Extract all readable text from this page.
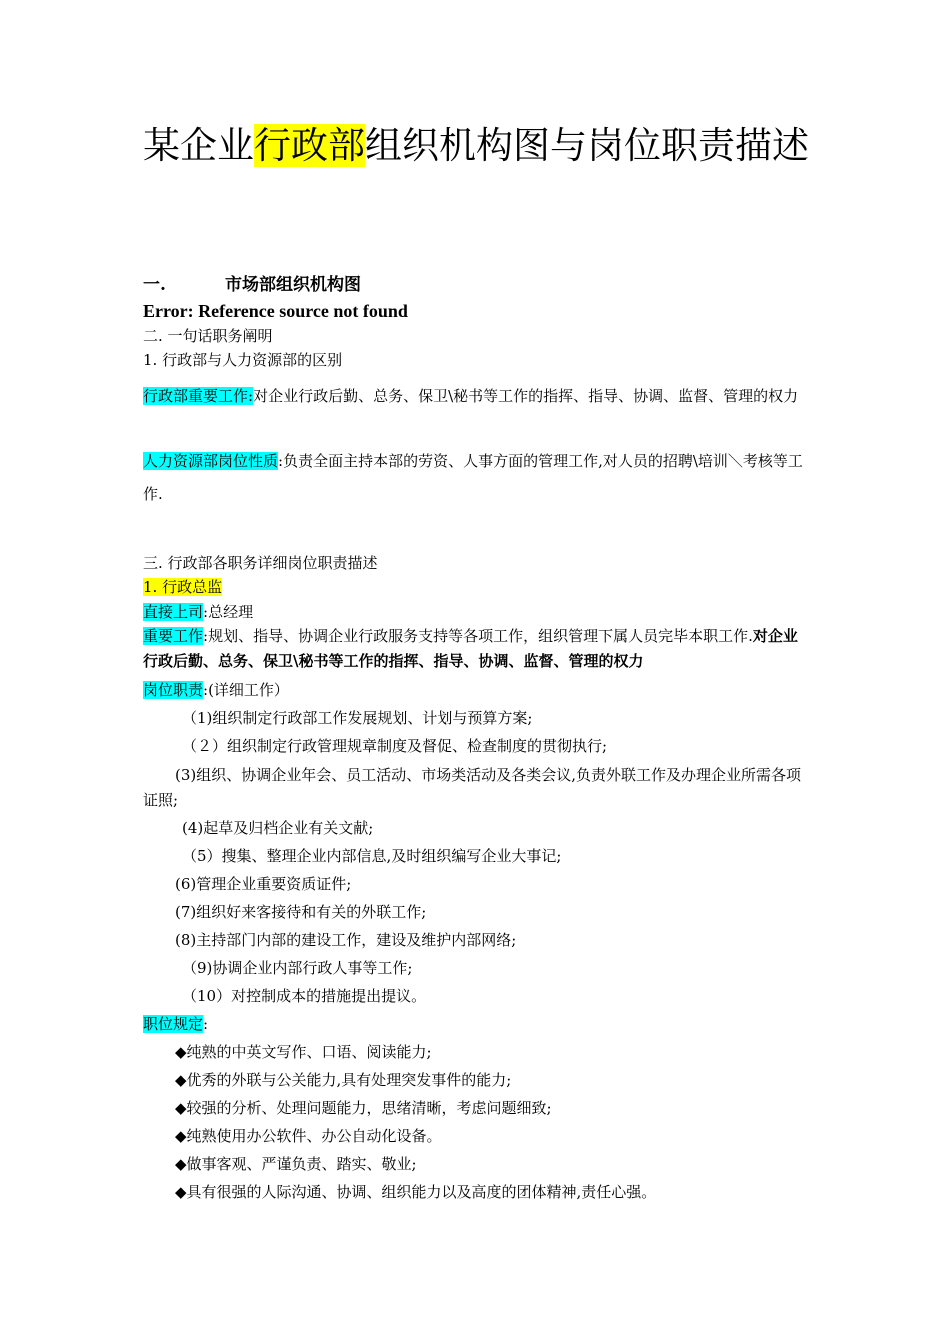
某企业行政部组织机构图与岗位职责描述
一.	市场部组织机构图
Error: Reference source not found
二. 一句话职务阐明
1. 行政部与人力资源部的区别
行政部重要工作:对企业行政后勤、总务、保卫\秘书等工作的指挥、指导、协调、监督、管理的权力
人力资源部岗位性质:负责全面主持本部的劳资、人事方面的管理工作,对人员的招聘\培训＼考核等工作.
三. 行政部各职务详细岗位职责描述
1. 行政总监
直接上司:总经理
重要工作:规划、指导、协调企业行政服务支持等各项工作，组织管理下属人员完毕本职工作.对企业行政后勤、总务、保卫\秘书等工作的指挥、指导、协调、监督、管理的权力
岗位职责:(详细工作）
（1)组织制定行政部工作发展规划、计划与预算方案;
（２）组织制定行政管理规章制度及督促、检查制度的贯彻执行;
(3)组织、协调企业年会、员工活动、市场类活动及各类会议,负责外联工作及办理企业所需各项证照;
(4)起草及归档企业有关文献;
（5）搜集、整理企业内部信息,及时组织编写企业大事记;
(6)管理企业重要资质证件;
(7)组织好来客接待和有关的外联工作;
(8)主持部门内部的建设工作，建设及维护内部网络;
（9)协调企业内部行政人事等工作;
（10）对控制成本的措施提出提议。
职位规定:
◆纯熟的中英文写作、口语、阅读能力;
◆优秀的外联与公关能力,具有处理突发事件的能力;
◆较强的分析、处理问题能力，思绪清晰，考虑问题细致;
◆纯熟使用办公软件、办公自动化设备。
◆做事客观、严谨负责、踏实、敬业;
◆具有很强的人际沟通、协调、组织能力以及高度的团体精神,责任心强。
